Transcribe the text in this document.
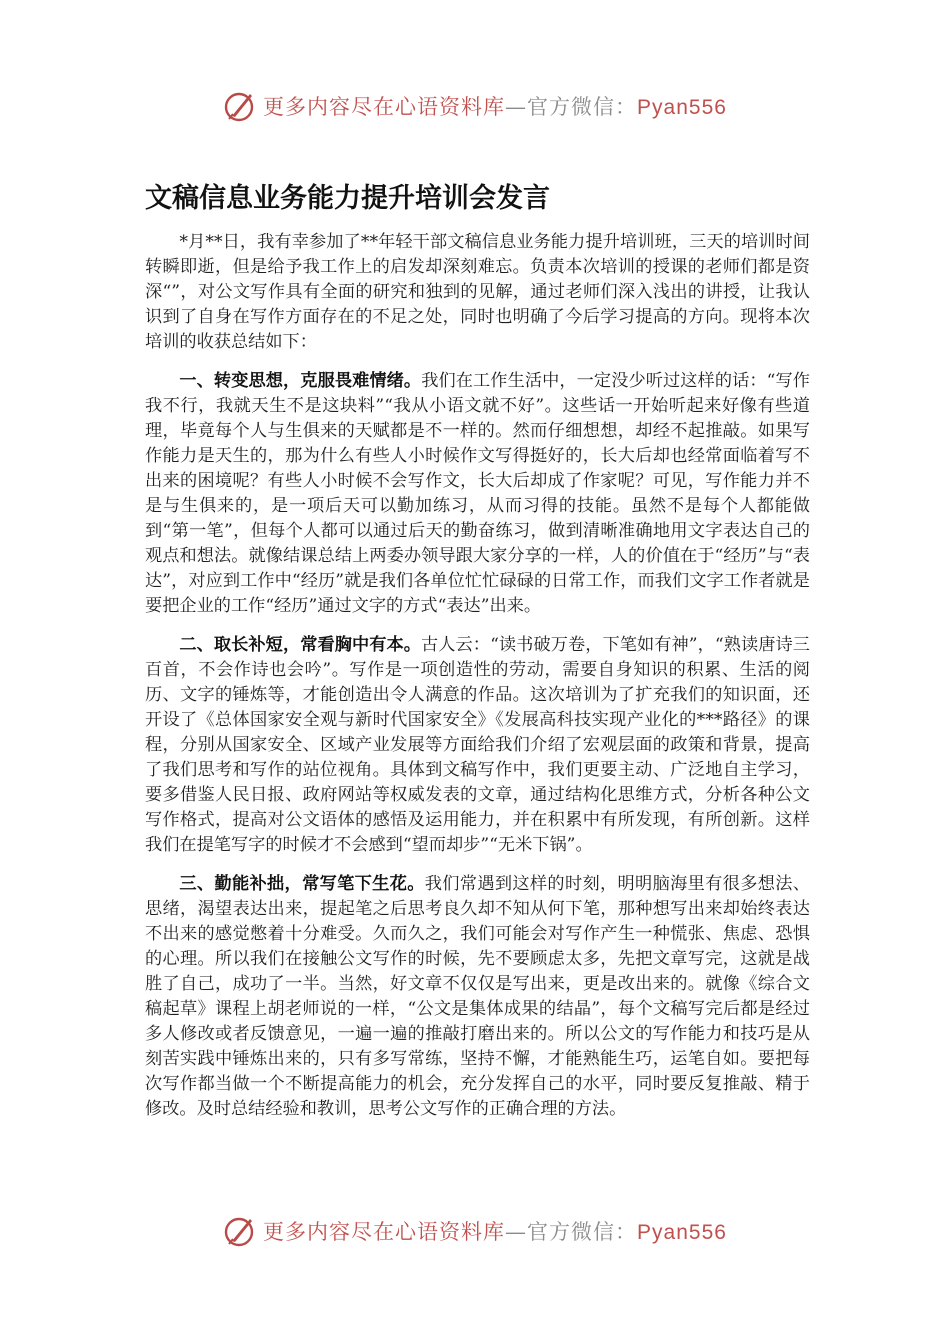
更多内容尽在心语资料库—官方微信：Pyan556
文稿信息业务能力提升培训会发言

*月**日，我有幸参加了**年轻干部文稿信息业务能力提升培训班，三天的培训时间转瞬即逝，但是给予我工作上的启发却深刻难忘。负责本次培训的授课的老师们都是资深“”，对公文写作具有全面的研究和独到的见解，通过老师们深入浅出的讲授，让我认识到了自身在写作方面存在的不足之处，同时也明确了今后学习提高的方向。现将本次培训的收获总结如下：

一、转变思想，克服畏难情绪。我们在工作生活中，一定没少听过这样的话：“写作我不行，我就天生不是这块料”“我从小语文就不好”。这些话一开始听起来好像有些道理，毕竟每个人与生俱来的天赋都是不一样的。然而仔细想想，却经不起推敲。如果写作能力是天生的，那为什么有些人小时候作文写得挺好的，长大后却也经常面临着写不出来的困境呢？有些人小时候不会写作文，长大后却成了作家呢？可见，写作能力并不是与生俱来的，是一项后天可以勤加练习，从而习得的技能。虽然不是每个人都能做到“第一笔”，但每个人都可以通过后天的勤奋练习，做到清晰准确地用文字表达自己的观点和想法。就像结课总结上两委办领导跟大家分享的一样，人的价值在于“经历”与“表达”，对应到工作中“经历”就是我们各单位忙忙碌碌的日常工作，而我们文字工作者就是要把企业的工作“经历”通过文字的方式“表达”出来。

二、取长补短，常看胸中有本。古人云：“读书破万卷，下笔如有神”，“熟读唐诗三百首，不会作诗也会吟”。写作是一项创造性的劳动，需要自身知识的积累、生活的阅历、文字的锤炼等，才能创造出令人满意的作品。这次培训为了扩充我们的知识面，还开设了《总体国家安全观与新时代国家安全》《发展高科技实现产业化的***路径》的课程，分别从国家安全、区域产业发展等方面给我们介绍了宏观层面的政策和背景，提高了我们思考和写作的站位视角。具体到文稿写作中，我们更要主动、广泛地自主学习，要多借鉴人民日报、政府网站等权威发表的文章，通过结构化思维方式，分析各种公文写作格式，提高对公文语体的感悟及运用能力，并在积累中有所发现，有所创新。这样我们在提笔写字的时候才不会感到“望而却步”“无米下锅”。

三、勤能补拙，常写笔下生花。我们常遇到这样的时刻，明明脑海里有很多想法、思绪，渴望表达出来，提起笔之后思考良久却不知从何下笔，那种想写出来却始终表达不出来的感觉憋着十分难受。久而久之，我们可能会对写作产生一种慌张、焦虑、恐惧的心理。所以我们在接触公文写作的时候，先不要顾虑太多，先把文章写完，这就是战胜了自己，成功了一半。当然，好文章不仅仅是写出来，更是改出来的。就像《综合文稿起草》课程上胡老师说的一样，“公文是集体成果的结晶”，每个文稿写完后都是经过多人修改或者反馈意见，一遍一遍的推敲打磨出来的。所以公文的写作能力和技巧是从刻苦实践中锤炼出来的，只有多写常练，坚持不懈，才能熟能生巧，运笔自如。要把每次写作都当做一个不断提高能力的机会，充分发挥自己的水平，同时要反复推敲、精于修改。及时总结经验和教训，思考公文写作的正确合理的方法。

更多内容尽在心语资料库—官方微信：Pyan556
